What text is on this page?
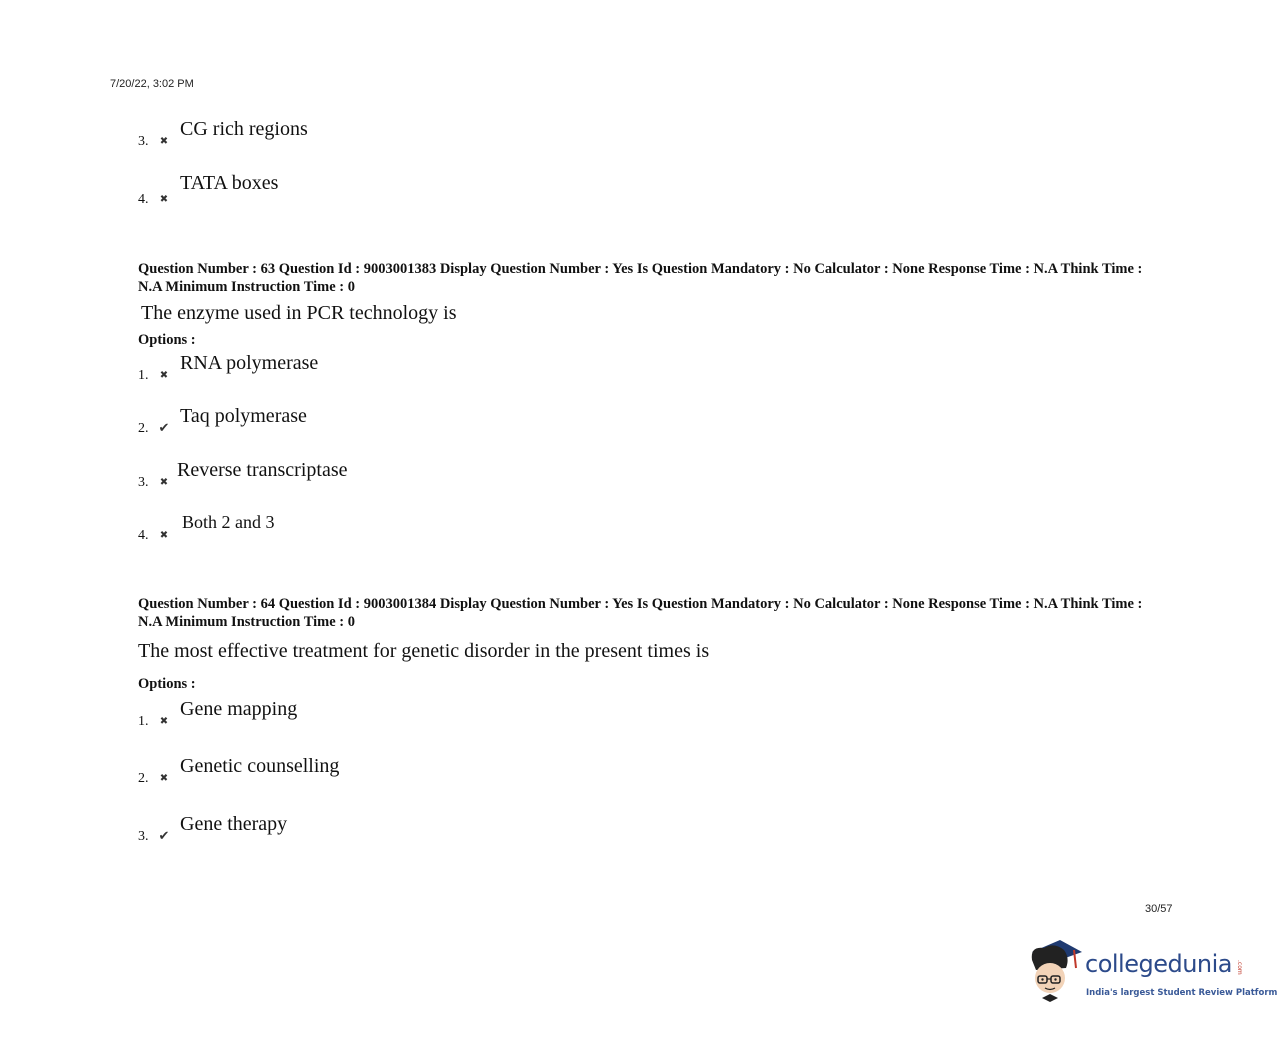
7/20/22, 3:02 PM
3.	✖
CG rich regions
4.	✖
TATA boxes
Question Number : 63 Question Id : 9003001383 Display Question Number : Yes Is Question Mandatory : No Calculator : None Response Time : N.A Think Time : N.A Minimum Instruction Time : 0
The enzyme used in PCR technology is
Options :
1.	✖
RNA polymerase
2. ✔
Taq polymerase
3.	✖
Reverse transcriptase
4.	✖
Both 2 and 3
Question Number : 64 Question Id : 9003001384 Display Question Number : Yes Is Question Mandatory : No Calculator : None Response Time : N.A Think Time : N.A Minimum Instruction Time : 0
The most effective treatment for genetic disorder in the present times is
Options :
1.	✖
Gene mapping
2.	✖
Genetic counselling
3. ✔
Gene therapy
30/57
collegedunia .com
India's largest Student Review Platform
